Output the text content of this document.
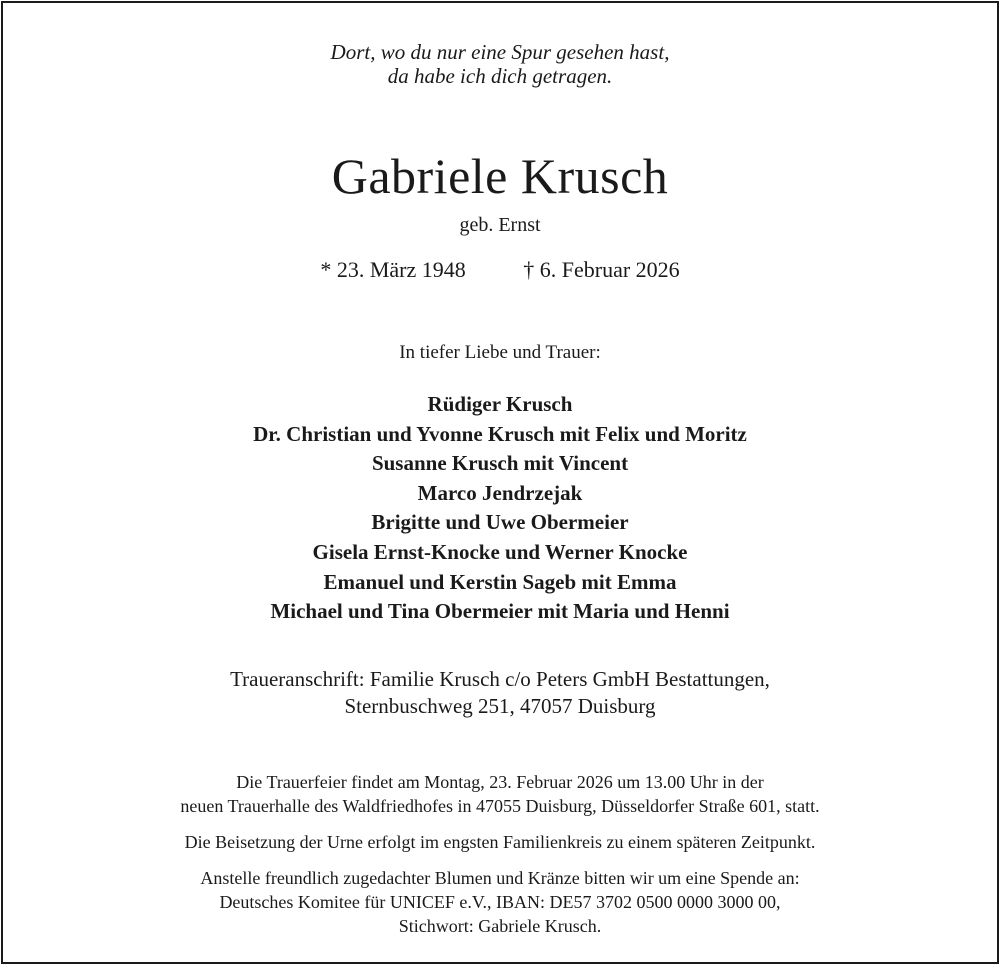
Dort, wo du nur eine Spur gesehen hast,
da habe ich dich getragen.
Gabriele Krusch
geb. Ernst
* 23. März 1948	† 6. Februar 2026
In tiefer Liebe und Trauer:
Rüdiger Krusch
Dr. Christian und Yvonne Krusch mit Felix und Moritz
Susanne Krusch mit Vincent
Marco Jendrzejak
Brigitte und Uwe Obermeier
Gisela Ernst-Knocke und Werner Knocke
Emanuel und Kerstin Sageb mit Emma
Michael und Tina Obermeier mit Maria und Henni
Traueranschrift: Familie Krusch c/o Peters GmbH Bestattungen,
Sternbuschweg 251, 47057 Duisburg
Die Trauerfeier findet am Montag, 23. Februar 2026 um 13.00 Uhr in der
neuen Trauerhalle des Waldfriedhofes in 47055 Duisburg, Düsseldorfer Straße 601, statt.
Die Beisetzung der Urne erfolgt im engsten Familienkreis zu einem späteren Zeitpunkt.
Anstelle freundlich zugedachter Blumen und Kränze bitten wir um eine Spende an:
Deutsches Komitee für UNICEF e.V., IBAN: DE57 3702 0500 0000 3000 00,
Stichwort: Gabriele Krusch.
